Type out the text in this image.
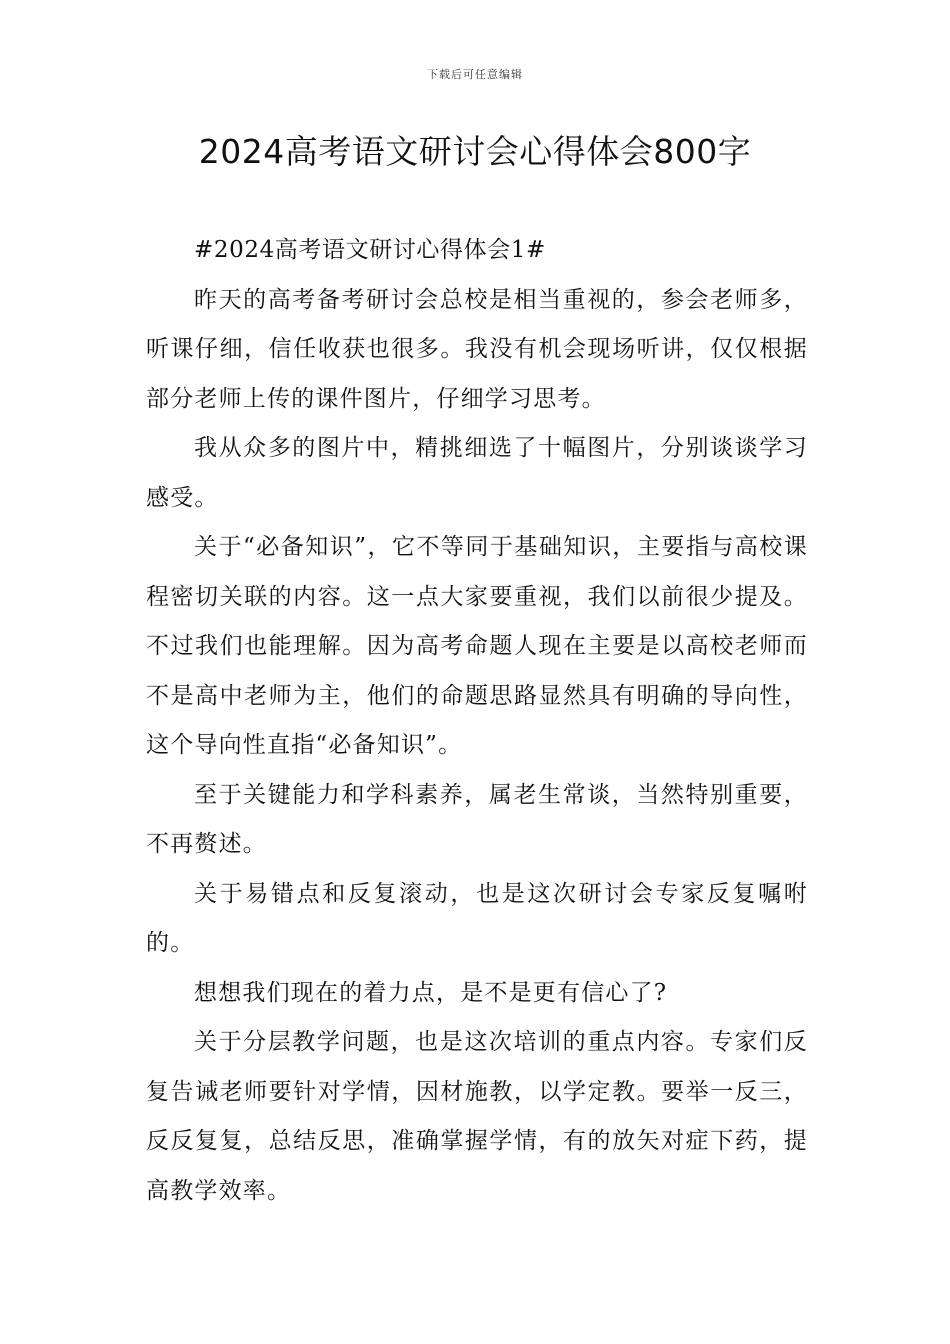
下载后可任意编辑
2024高考语文研讨会心得体会800字

#2024高考语文研讨心得体会1#

昨天的高考备考研讨会总校是相当重视的，参会老师多，听课仔细，信任收获也很多。我没有机会现场听讲，仅仅根据部分老师上传的课件图片，仔细学习思考。

我从众多的图片中，精挑细选了十幅图片，分别谈谈学习感受。

关于“必备知识”，它不等同于基础知识，主要指与高校课程密切关联的内容。这一点大家要重视，我们以前很少提及。不过我们也能理解。因为高考命题人现在主要是以高校老师而不是高中老师为主，他们的命题思路显然具有明确的导向性，这个导向性直指“必备知识”。

至于关键能力和学科素养，属老生常谈，当然特别重要，不再赘述。

关于易错点和反复滚动，也是这次研讨会专家反复嘱咐的。

想想我们现在的着力点，是不是更有信心了?

关于分层教学问题，也是这次培训的重点内容。专家们反复告诫老师要针对学情，因材施教，以学定教。要举一反三，反反复复，总结反思，准确掌握学情，有的放矢对症下药，提高教学效率。
